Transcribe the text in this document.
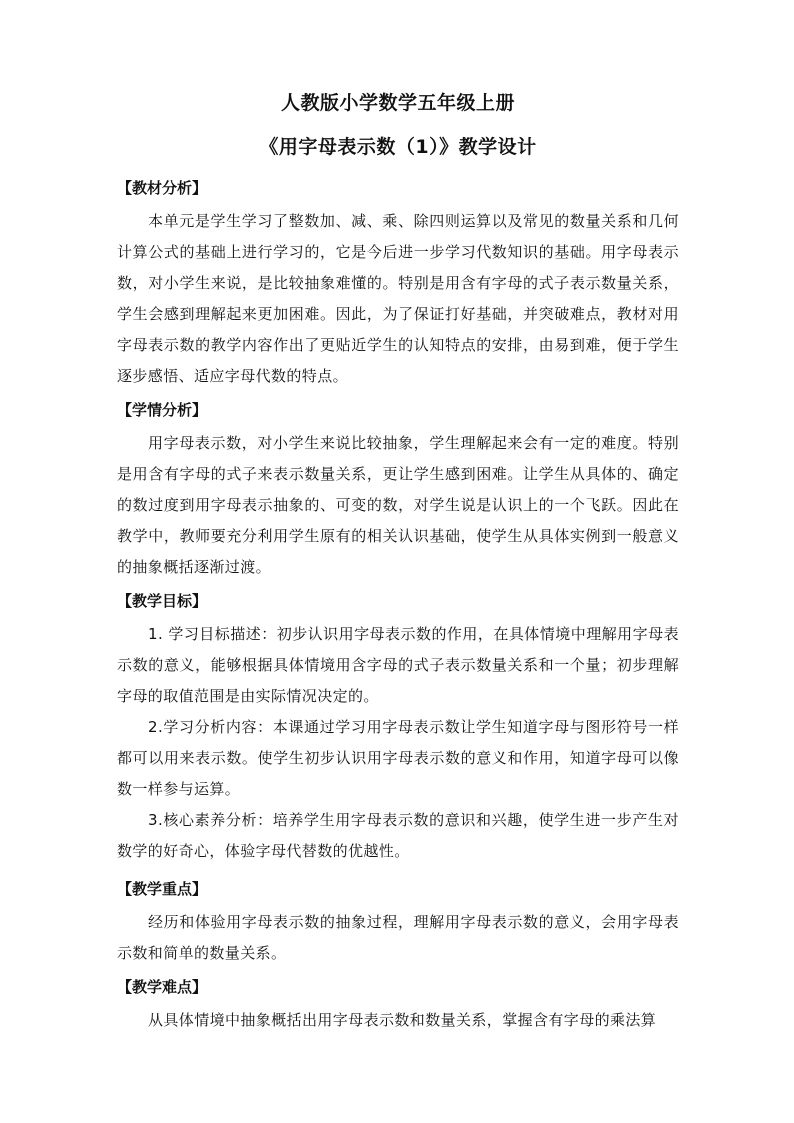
人教版小学数学五年级上册
《用字母表示数（1）》教学设计

【教材分析】

本单元是学生学习了整数加、减、乘、除四则运算以及常见的数量关系和几何计算公式的基础上进行学习的，它是今后进一步学习代数知识的基础。用字母表示数，对小学生来说，是比较抽象难懂的。特别是用含有字母的式子表示数量关系，学生会感到理解起来更加困难。因此，为了保证打好基础，并突破难点，教材对用字母表示数的教学内容作出了更贴近学生的认知特点的安排，由易到难，便于学生逐步感悟、适应字母代数的特点。

【学情分析】

用字母表示数，对小学生来说比较抽象，学生理解起来会有一定的难度。特别是用含有字母的式子来表示数量关系，更让学生感到困难。让学生从具体的、确定的数过度到用字母表示抽象的、可变的数，对学生说是认识上的一个飞跃。因此在教学中，教师要充分利用学生原有的相关认识基础，使学生从具体实例到一般意义的抽象概括逐渐过渡。

【教学目标】

1. 学习目标描述：初步认识用字母表示数的作用，在具体情境中理解用字母表示数的意义，能够根据具体情境用含字母的式子表示数量关系和一个量；初步理解字母的取值范围是由实际情况决定的。

2.学习分析内容：本课通过学习用字母表示数让学生知道字母与图形符号一样都可以用来表示数。使学生初步认识用字母表示数的意义和作用，知道字母可以像数一样参与运算。

3.核心素养分析：培养学生用字母表示数的意识和兴趣，使学生进一步产生对数学的好奇心，体验字母代替数的优越性。

【教学重点】

经历和体验用字母表示数的抽象过程，理解用字母表示数的意义，会用字母表示数和简单的数量关系。

【教学难点】

从具体情境中抽象概括出用字母表示数和数量关系，掌握含有字母的乘法算
